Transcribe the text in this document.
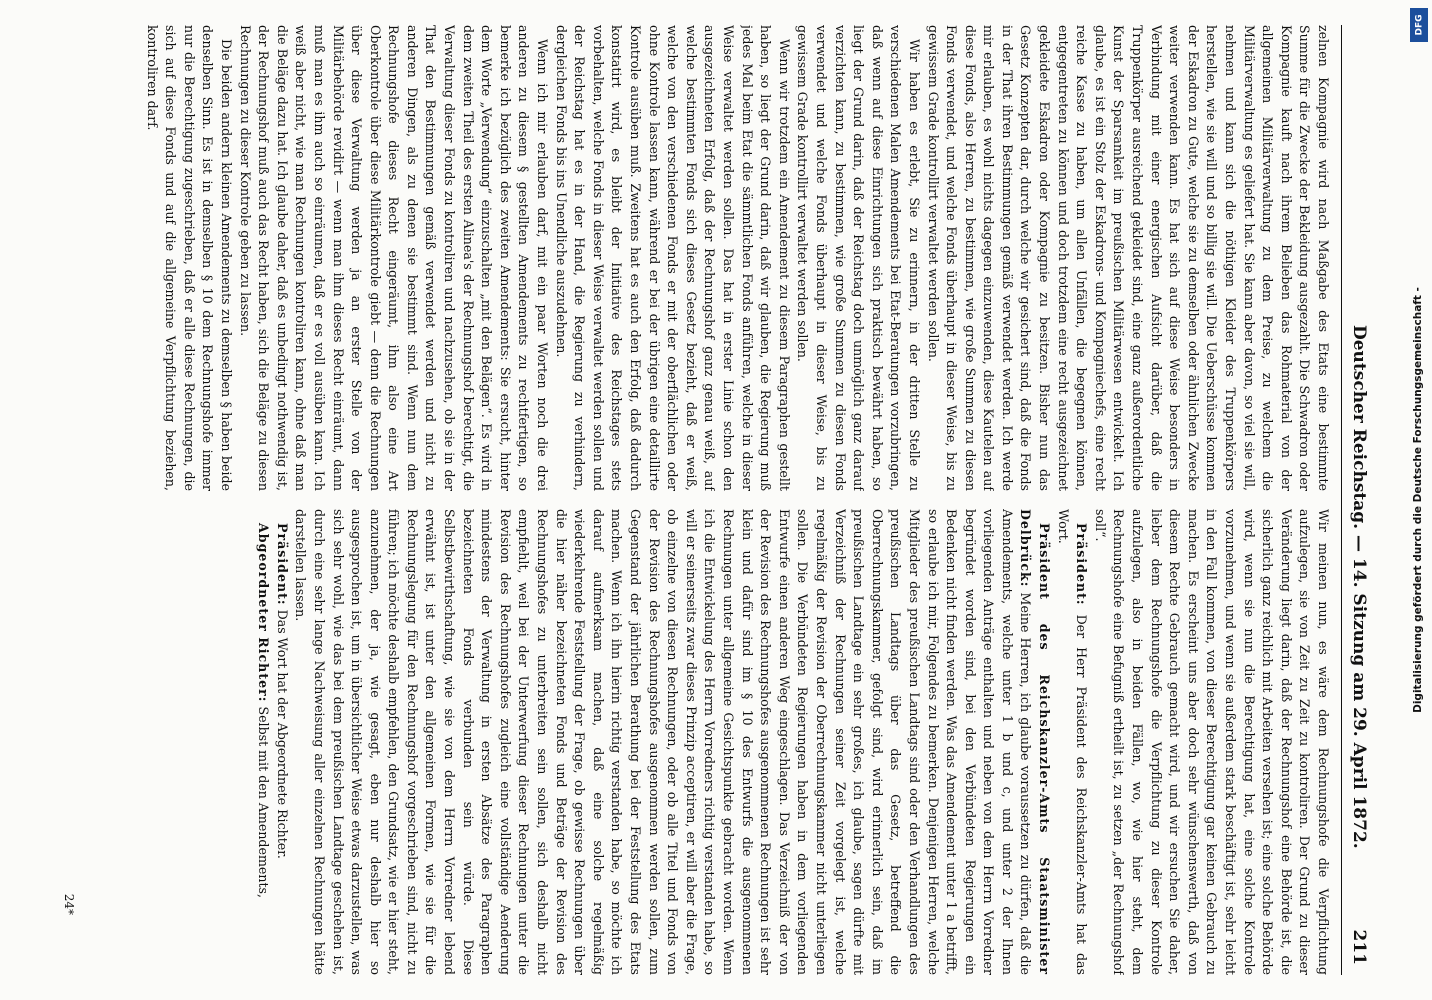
Deutscher Reichstag. — 14. Sitzung am 29. April 1872.
211

zelnen Kompagnie wird nach Maßgabe des Etats eine bestimmte Summe für die Zwecke der Bekleidung ausgezahlt. Die Schwadron oder Kompagnie kauft nach ihrem Belieben das Rohmaterial von der allgemeinen Militärverwaltung zu dem Preise, zu welchem die Militärverwaltung es geliefert hat. Sie kann aber davon, so viel sie will, nehmen und kann sich die nöthigen Kleider des Truppenkörpers herstellen, wie sie will und so billig sie will. Die Ueberschüsse kommen der Eskadron zu Gute, welche sie zu demselben oder ähnlichen Zwecke weiter verwenden kann. Es hat sich auf diese Weise besonders in Verbindung mit einer energischen Aufsicht darüber, daß die Truppenkörper ausreichend gekleidet sind, eine ganz außerordentliche Kunst der Sparsamkeit im preußischen Militärwesen entwickelt. Ich glaube, es ist ein Stolz der Eskadrons- und Kompagniechefs, eine recht reiche Kasse zu haben, um allen Unfällen, die begegnen können, entgegentreten zu können und doch trotzdem eine recht ausgezeichnet gekleidete Eskadron oder Kompagnie zu besitzen. Bisher nun das Gesetz Konzepten dar, durch welche wir gesichert sind, daß die Fonds in der That ihren Bestimmungen gemäß verwendet werden. Ich werde mir erlauben, es wohl nichts dagegen einzuwenden, diese Kautelen auf diese Fonds, also Herren, zu bestimmen, wie große Summen zu diesen Fonds verwendet, und welche Fonds überhaupt in dieser Weise, bis zu gewissem Grade kontrollirt verwaltet werden sollen.

Wir haben es erlebt, Sie zu erinnern, in der dritten Stelle zu verschiedenen Malen Amendements bei Etat-Beratungen vorzubringen, daß wenn auf diese Einrichtungen sich praktisch bewährt haben, so liegt der Grund darin, daß der Reichstag doch unmöglich ganz darauf verzichten kann, zu bestimmen, wie große Summen zu diesen Fonds verwendet und welche Fonds überhaupt in dieser Weise, bis zu gewissem Grade kontrollirt verwaltet werden sollen.

Wenn wir trotzdem ein Amendement zu diesem Paragraphen gestellt haben, so liegt der Grund darin, daß wir glauben, die Regierung muß jedes Mal beim Etat die sämmtlichen Fonds anführen, welche in dieser Weise verwaltet werden sollen. Das hat in erster Linie schon den ausgezeichneten Erfolg, daß der Rechnungshof ganz genau weiß, auf welche bestimmten Fonds sich dieses Gesetz bezieht, daß er weiß, welche von den verschiedenen Fonds er mit der oberflächlichen oder ohne Kontrole lassen kann, während er bei der übrigen eine detaillirte Kontrole ausüben muß. Zweitens hat es auch den Erfolg, daß dadurch konstatirt wird, es bleibt der Initiative des Reichstages stets vorbehalten, welche Fonds in dieser Weise verwaltet werden sollen und der Reichstag hat es in der Hand, die Regierung zu verhindern, dergleichen Fonds bis ins Unendliche auszudehnen.

Wenn ich mir erlauben darf, mit ein paar Worten noch die drei anderen zu diesem § gestellten Amendements zu rechtfertigen, so bemerke ich bezüglich des zweiten Amendements: Sie ersucht, hinter dem Worte „Verwendung“ einzuschalten „mit den Belägen“. Es wird in dem zweiten Theil des ersten Alinea's der Rechnungshof berechtigt, die Verwaltung dieser Fonds zu kontroliren und nachzusehen, ob sie in der That den Bestimmungen gemäß verwendet werden und nicht zu anderen Dingen, als zu denen sie bestimmt sind. Wenn nun dem Rechnungshofe dieses Recht eingeräumt, ihm also eine Art Oberkontrole über diese Militärkontrole giebt — denn die Rechnungen über diese Verwaltung werden ja an erster Stelle von der Militärbehörde revidirt — wenn man ihm dieses Recht einräumt, dann muß man es ihm auch so einräumen, daß er es voll ausüben kann. Ich weiß aber nicht, wie man Rechnungen kontroliren kann, ohne daß man die Beläge dazu hat. Ich glaube daher, daß es unbedingt nothwendig ist, der Rechnungshof muß auch das Recht haben, sich die Beläge zu diesen Rechnungen zu dieser Kontrole geben zu lassen.

Die beiden andern kleinen Amendements zu demselben § haben beide denselben Sinn. Es ist in demselben § 10 dem Rechnungshofe immer nur die Berechtigung zugeschrieben, daß er alle diese Rechnungen, die sich auf diese Fonds und auf die allgemeine Verpflichtung beziehen, kontroliren darf.

Wir meinen nun, es wäre dem Rechnungshofe die Verpflichtung aufzulegen, sie von Zeit zu Zeit zu kontroliren. Der Grund zu dieser Veränderung liegt darin, daß der Rechnungshof eine Behörde ist, die sicherlich ganz reichlich mit Arbeiten versehen ist; eine solche Behörde wird, wenn sie nun die Berechtigung hat, eine solche Kontrole vorzunehmen, und wenn sie außerdem stark beschäftigt ist, sehr leicht in den Fall kommen, von dieser Berechtigung gar keinen Gebrauch zu machen. Es erscheint uns aber doch sehr wünschenswerth, daß von diesem Rechte Gebrauch gemacht wird, und wir ersuchen Sie daher, lieber dem Rechnungshofe die Verpflichtung zu dieser Kontrole aufzulegen, also in beiden Fällen, wo, wie hier steht, dem Rechnungshofe eine Befugniß ertheilt ist, zu setzen „der Rechnungshof soll“.

Präsident: Der Herr Präsident des Reichskanzler-Amts hat das Wort.

Präsident des Reichskanzler-Amts Staatsminister Delbrück: Meine Herren, ich glaube voraussetzen zu dürfen, daß die Amendements, welche unter 1 b und c, und unter 2 der Ihnen vorliegenden Anträge enthalten und neben von dem Herrn Vorredner begründet worden sind, bei den Verbündeten Regierungen ein Bedenken nicht finden werden. Was das Amendement unter 1 a betrifft, so erlaube ich mir, Folgendes zu bemerken. Denjenigen Herren, welche Mitglieder des preußischen Landtags sind oder den Verhandlungen des preußischen Landtags über das Gesetz, betreffend die Oberrechnungskammer, gefolgt sind, wird erinnerlich sein, daß im preußischen Landtage ein sehr großes, ich glaube, sagen dürfte mit Verzeichniß der Rechnungen seiner Zeit vorgelegt ist, welche regelmäßig der Revision der Oberrechnungskammer nicht unterliegen sollen. Die Verbündeten Regierungen haben in dem vorliegenden Entwurfe einen anderen Weg eingeschlagen. Das Verzeichniß der von der Revision des Rechnungshofes ausgenommenen Rechnungen ist sehr klein und dafür sind im § 10 des Entwurfs die ausgenommenen Rechnungen unter allgemeine Gesichtspunkte gebracht worden. Wenn ich die Entwickelung des Herrn Vorredners richtig verstanden habe, so will er seinerseits zwar dieses Prinzip acceptiren, er will aber die Frage, ob einzelne von diesen Rechnungen, oder ob alle Titel und Fonds von der Revision des Rechnungshofes ausgenommen werden sollen, zum Gegenstand der jährlichen Berathung bei der Feststellung des Etats machen. Wenn ich ihn hierin richtig verstanden habe, so möchte ich darauf aufmerksam machen, daß eine solche regelmäßig wiederkehrende Feststellung der Frage, ob gewisse Rechnungen über die hier näher bezeichneten Fonds und Beträge der Revision des Rechnungshofes zu unterbreiten sein sollen, sich deshalb nicht empfiehlt, weil bei der Unterwerfung dieser Rechnungen unter die Revision des Rechnungshofes zugleich eine vollständige Aenderung mindestens der Verwaltung in ersten Absätze des Paragraphen bezeichneten Fonds verbunden sein würde. Diese Selbstbewirthschaftung, wie sie von dem Herrn Vorredner lebend erwähnt ist, ist unter den allgemeinen Formen, wie sie für die Rechnungslegung für den Rechnungshof vorgeschrieben sind, nicht zu führen; ich möchte deshalb empfehlen, den Grundsatz, wie er hier steht, anzunehmen, der ja, wie gesagt, eben nur deshalb hier so ausgesprochen ist, um in übersichtlicher Weise etwas darzustellen, was sich sehr wohl, wie das bei dem preußischen Landtage geschehen ist, durch eine sehr lange Nachweisung aller einzelnen Rechnungen hätte darstellen lassen.

Präsident: Das Wort hat der Abgeordnete Richter.

Abgeordneter Richter: Selbst mit den Amendements,

24*
Digitalisierung gefördert durch die Deutsche Forschungsgemeinschaft -
DFG
